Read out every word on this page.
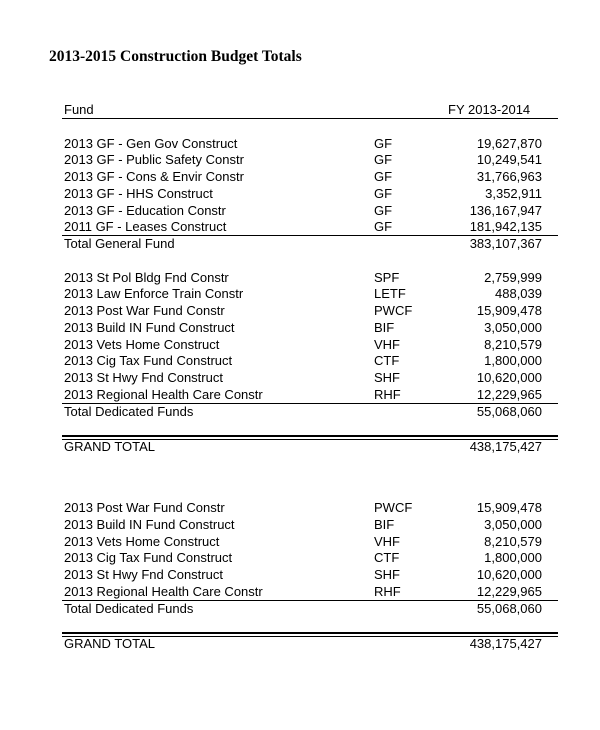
2013-2015 Construction Budget Totals
Fund	FY 2013-2014
2013 GF - Gen Gov Construct	GF	19,627,870
2013 GF - Public Safety Constr	GF	10,249,541
2013 GF - Cons & Envir Constr	GF	31,766,963
2013 GF - HHS Construct	GF	3,352,911
2013 GF - Education Constr	GF	136,167,947
2011 GF - Leases Construct	GF	181,942,135
Total General Fund	383,107,367
2013 St Pol Bldg Fnd Constr	SPF	2,759,999
2013 Law Enforce Train Constr	LETF	488,039
2013 Post War Fund Constr	PWCF	15,909,478
2013 Build IN Fund Construct	BIF	3,050,000
2013 Vets Home Construct	VHF	8,210,579
2013 Cig Tax Fund Construct	CTF	1,800,000
2013 St Hwy Fnd Construct	SHF	10,620,000
2013 Regional Health Care Constr	RHF	12,229,965
Total Dedicated Funds	55,068,060
GRAND TOTAL	438,175,427
2013 Post War Fund Constr	PWCF	15,909,478
2013 Build IN Fund Construct	BIF	3,050,000
2013 Vets Home Construct	VHF	8,210,579
2013 Cig Tax Fund Construct	CTF	1,800,000
2013 St Hwy Fnd Construct	SHF	10,620,000
2013 Regional Health Care Constr	RHF	12,229,965
Total Dedicated Funds	55,068,060
GRAND TOTAL	438,175,427
